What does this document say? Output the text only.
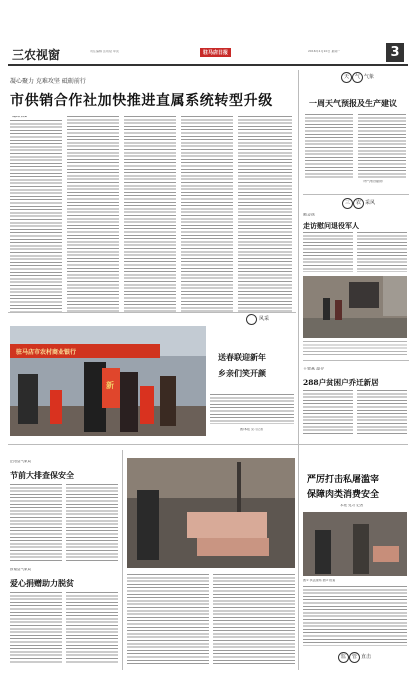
三农视窗	责任编辑 张希斌 审读	驻马店日报	2016年1月10日 星期一	3
凝心聚力 克难攻坚 砥砺前行
市供销合作社加快推进直属系统转型升级
本报记者 宋江娟
天	气 气象
一周天气预报及生产建议
（市气象台提供）
三	农 采风
师灵选
走访慰问退役军人
王荣燕 高介
288户贫困户乔迁新居
风采
驻马店市农村商业银行
新
送春联迎新年
乡亲们笑开颜
图/本报 见习记者
正阳县气象局
节前大排查保安全
汝南县气象局
爱心捐赠助力脱贫
严厉打击私屠滥宰
保障肉类消费安全
本报 见习 记者
图① 执法现场 图② 检查
监	管 直击
